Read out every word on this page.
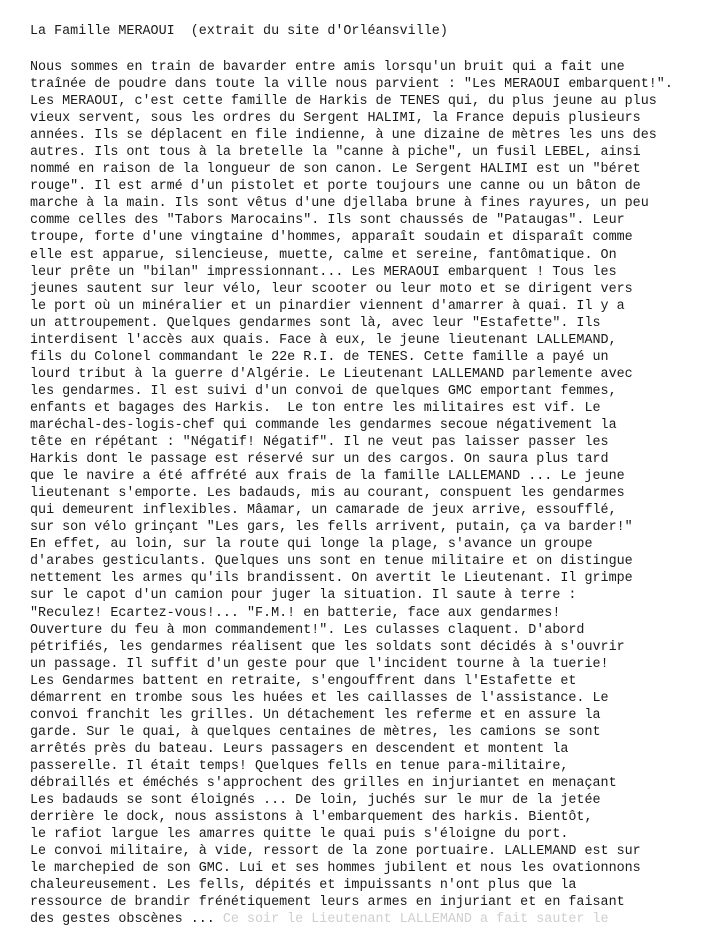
La Famille MERAOUI  (extrait du site d'Orléansville)
Nous sommes en train de bavarder entre amis lorsqu'un bruit qui a fait une
traînée de poudre dans toute la ville nous parvient : "Les MERAOUI embarquent!".
Les MERAOUI, c'est cette famille de Harkis de TENES qui, du plus jeune au plus
vieux servent, sous les ordres du Sergent HALIMI, la France depuis plusieurs
années. Ils se déplacent en file indienne, à une dizaine de mètres les uns des
autres. Ils ont tous à la bretelle la "canne à piche", un fusil LEBEL, ainsi
nommé en raison de la longueur de son canon. Le Sergent HALIMI est un "béret
rouge". Il est armé d'un pistolet et porte toujours une canne ou un bâton de
marche à la main. Ils sont vêtus d'une djellaba brune à fines rayures, un peu
comme celles des "Tabors Marocains". Ils sont chaussés de "Pataugas". Leur
troupe, forte d'une vingtaine d'hommes, apparaît soudain et disparaît comme
elle est apparue, silencieuse, muette, calme et sereine, fantômatique. On
leur prête un "bilan" impressionnant... Les MERAOUI embarquent ! Tous les
jeunes sautent sur leur vélo, leur scooter ou leur moto et se dirigent vers
le port où un minéralier et un pinardier viennent d'amarrer à quai. Il y a
un attroupement. Quelques gendarmes sont là, avec leur "Estafette". Ils
interdisent l'accès aux quais. Face à eux, le jeune lieutenant LALLEMAND,
fils du Colonel commandant le 22e R.I. de TENES. Cette famille a payé un
lourd tribut à la guerre d'Algérie. Le Lieutenant LALLEMAND parlemente avec
les gendarmes. Il est suivi d'un convoi de quelques GMC emportant femmes,
enfants et bagages des Harkis.  Le ton entre les militaires est vif. Le
maréchal-des-logis-chef qui commande les gendarmes secoue négativement la
tête en répétant : "Négatif! Négatif". Il ne veut pas laisser passer les
Harkis dont le passage est réservé sur un des cargos. On saura plus tard
que le navire a été affrété aux frais de la famille LALLEMAND ... Le jeune
lieutenant s'emporte. Les badauds, mis au courant, conspuent les gendarmes
qui demeurent inflexibles. Mâamar, un camarade de jeux arrive, essoufflé,
sur son vélo grinçant "Les gars, les fells arrivent, putain, ça va barder!"
En effet, au loin, sur la route qui longe la plage, s'avance un groupe
d'arabes gesticulants. Quelques uns sont en tenue militaire et on distingue
nettement les armes qu'ils brandissent. On avertit le Lieutenant. Il grimpe
sur le capot d'un camion pour juger la situation. Il saute à terre :
"Reculez! Ecartez-vous!... "F.M.! en batterie, face aux gendarmes!
Ouverture du feu à mon commandement!". Les culasses claquent. D'abord
pétrifiés, les gendarmes réalisent que les soldats sont décidés à s'ouvrir
un passage. Il suffit d'un geste pour que l'incident tourne à la tuerie!
Les Gendarmes battent en retraite, s'engouffrent dans l'Estafette et
démarrent en trombe sous les huées et les caillasses de l'assistance. Le
convoi franchit les grilles. Un détachement les referme et en assure la
garde. Sur le quai, à quelques centaines de mètres, les camions se sont
arrêtés près du bateau. Leurs passagers en descendent et montent la
passerelle. Il était temps! Quelques fells en tenue para-militaire,
débraillés et éméchés s'approchent des grilles en injuriantet en menaçant
Les badauds se sont éloignés ... De loin, juchés sur le mur de la jetée
derrière le dock, nous assistons à l'embarquement des harkis. Bientôt,
le rafiot largue les amarres quitte le quai puis s'éloigne du port.
Le convoi militaire, à vide, ressort de la zone portuaire. LALLEMAND est sur
le marchepied de son GMC. Lui et ses hommes jubilent et nous les ovationnons
chaleureusement. Les fells, dépités et impuissants n'ont plus que la
ressource de brandir frénétiquement leurs armes en injuriant et en faisant
des gestes obscènes ... Ce soir le Lieutenant LALLEMAND a fait sauter le
